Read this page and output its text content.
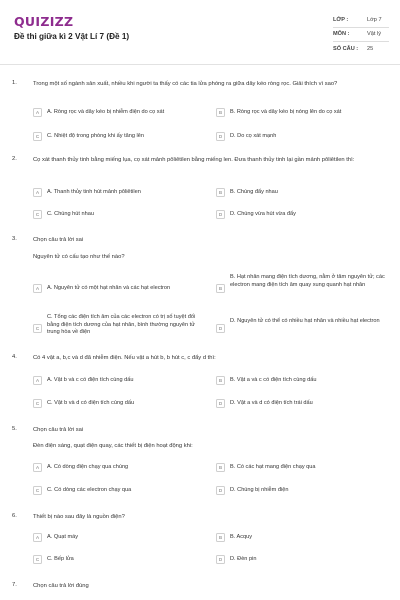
QUIZIZZ
Đề thi giữa kì 2 Vật Lí 7 (Đề 1)
LỚP :	Lớp 7
MÔN :	Vật lý
SỐ CÂU : 25
1.	Trong một số ngành sản xuất, nhiều khi người ta thấy có các tia lửa phóng ra giữa dây kéo ròng rọc. Giải thích vì sao?
A	A. Ròng rọc và dây kéo bị nhiễm điện do cọ xát	B	B. Ròng rọc và dây kéo bị nóng lên do cọ xát
C	C. Nhiệt độ trong phòng khi ấy tăng lên	D	D. Do cọ xát mạnh
2.	Cọ xát thanh thủy tinh bằng miếng lụa, cọ xát mảnh pôliêtilen bằng miếng len. Đưa thanh thủy tinh lại gần mảnh pôliêtilen thì:
A	A. Thanh thủy tinh hút mảnh pôliêtilen	B	B. Chúng đẩy nhau
C	C. Chúng hút nhau	D	D. Chúng vừa hút vừa đẩy
3.	Chọn câu trả lời sai
Nguyên tử có cấu tạo như thế nào?
A	A. Nguyên tử có một hạt nhân và các hạt electron	B
B. Hạt nhân mang điện tích dương, nằm ở tâm nguyên tử; các electron mang điện tích âm quay xung quanh hạt nhân
C
C. Tổng các điện tích âm của các electron có trị số tuyệt đối bằng điện tích dương của hạt nhân, bình thường nguyên tử trung hòa về điện
D
D. Nguyên tử có thể có nhiều hạt nhân và nhiều hạt electron
4.	Có 4 vật a, b,c và d đã nhiễm điện. Nếu vật a hút b, b hút c, c đẩy d thì:
A	A. Vật b và c có điện tích cùng dấu	B	B. Vật a và c có điện tích cùng dấu
C	C. Vật b và d có điện tích cùng dấu	D	D. Vật a và d có điện tích trái dấu
5.	Chọn câu trả lời sai
Đèn điện sáng, quạt điện quay, các thiết bị điện hoạt động khi:
A	A. Có dòng điện chạy qua chúng	B	B. Có các hạt mang điện chạy qua
C	C. Có dòng các electron chạy qua	D	D. Chúng bị nhiễm điện
6.	Thiết bị nào sau đây là nguồn điện?
A	A. Quạt máy	B	B. Acquy
C	C. Bếp lửa	D	D. Đèn pin
7.	Chọn câu trả lời đúng
